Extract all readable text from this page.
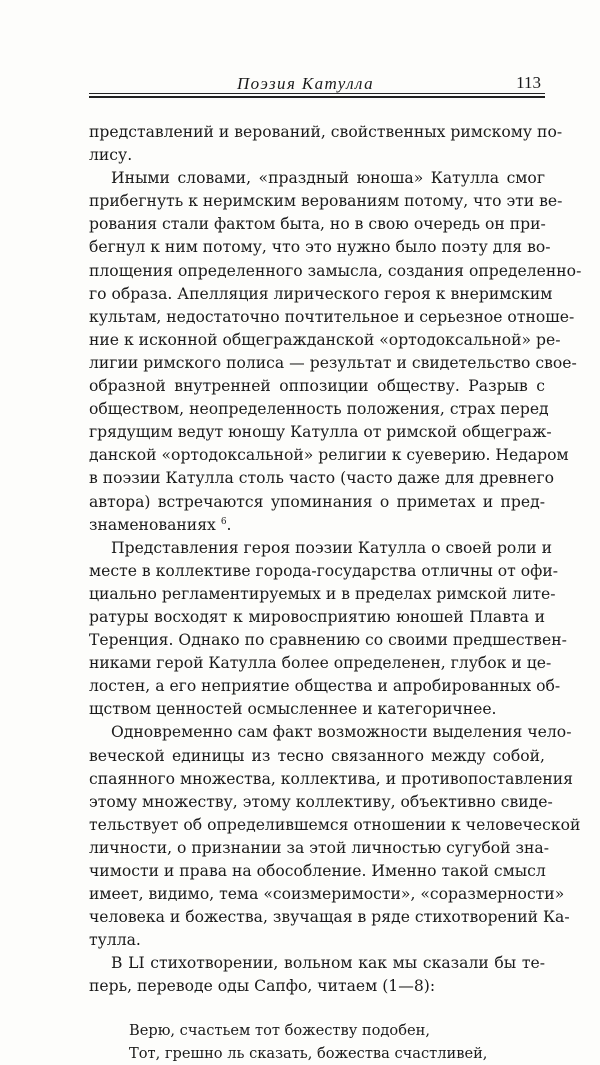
Поэзия Катулла	113

представлений и верований, свойственных римскому по-
лису.

Иными словами, «праздный юноша» Катулла смог
прибегнуть к неримским верованиям потому, что эти ве-
рования стали фактом быта, но в свою очередь он при-
бегнул к ним потому, что это нужно было поэту для во-
площения определенного замысла, создания определенно-
го образа. Апелляция лирического героя к внеримским
культам, недостаточно почтительное и серьезное отноше-
ние к исконной общегражданской «ортодоксальной» ре-
лигии римского полиса — результат и свидетельство свое-
образной внутренней оппозиции обществу. Разрыв с
обществом, неопределенность положения, страх перед
грядущим ведут юношу Катулла от римской общеграж-
данской «ортодоксальной» религии к суеверию. Недаром
в поэзии Катулла столь часто (часто даже для древнего
автора) встречаются упоминания о приметах и пред-
знаменованиях $^6$.

Представления героя поэзии Катулла о своей роли и
месте в коллективе города-государства отличны от офи-
циально регламентируемых и в пределах римской лите-
ратуры восходят к мировосприятию юношей Плавта и
Теренция. Однако по сравнению со своими предшествен-
никами герой Катулла более определенен, глубок и це-
лостен, а его неприятие общества и апробированных об-
щством ценностей осмысленнее и категоричнее.

Одновременно сам факт возможности выделения чело-
веческой единицы из тесно связанного между собой,
спаянного множества, коллектива, и противопоставления
этому множеству, этому коллективу, объективно свиде-
тельствует об определившемся отношении к человеческой
личности, о признании за этой личностью сугубой зна-
чимости и права на обособление. Именно такой смысл
имеет, видимо, тема «соизмеримости», «соразмерности»
человека и божества, звучащая в ряде стихотворений Ка-
тулла.

В LI стихотворении, вольном как мы сказали бы те-
перь, переводе оды Сапфо, читаем (1—8):

Верю, счастьем тот божеству подобен,
Тот, грешно ль сказать, божества счастливей,
